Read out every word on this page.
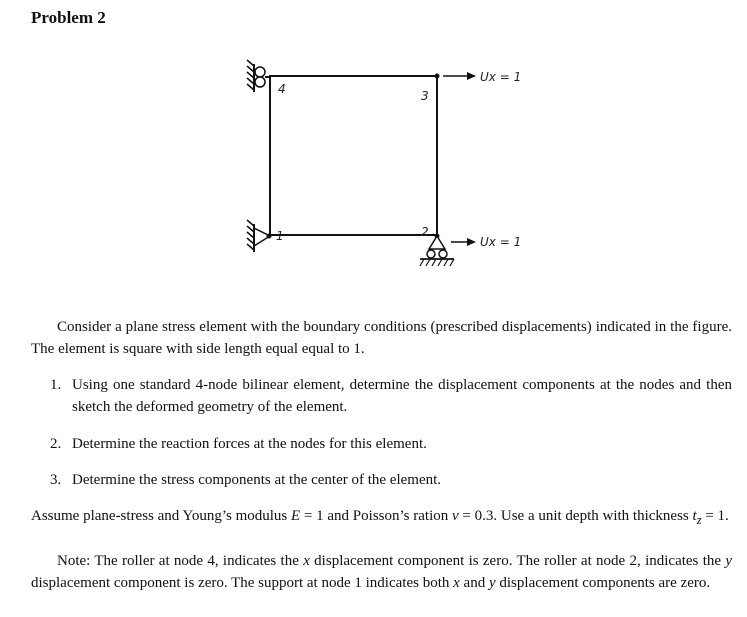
Problem 2
4	3
2
1
Ux = 1
Ux = 1
Consider a plane stress element with the boundary conditions (prescribed displacements) indicated in the figure. The element is square with side length equal equal to 1.
1. Using one standard 4-node bilinear element, determine the displacement components at the nodes and then sketch the deformed geometry of the element.
2. Determine the reaction forces at the nodes for this element.
3. Determine the stress components at the center of the element.
Assume plane-stress and Young’s modulus E = 1 and Poisson’s ration ν = 0.3. Use a unit depth with thickness $t_z = 1$.
Note: The roller at node 4, indicates the x displacement component is zero. The roller at node 2, indicates the y displacement component is zero. The support at node 1 indicates both x and y displacement components are zero.
